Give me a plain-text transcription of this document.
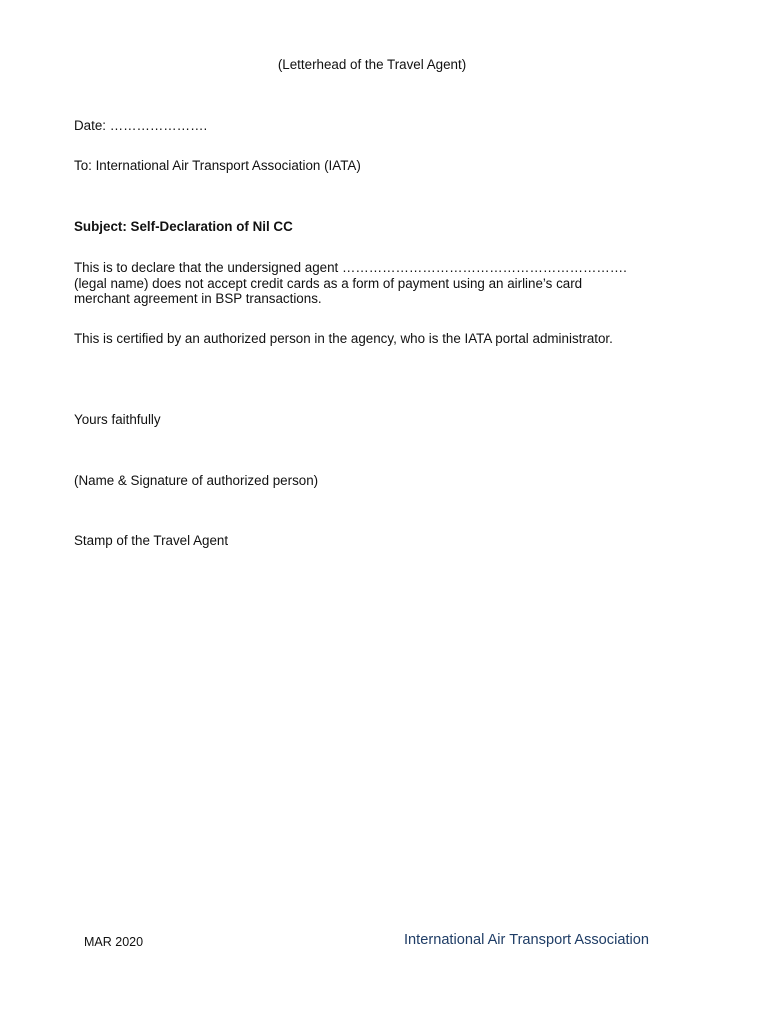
(Letterhead of the Travel Agent)

Date: ………………….

To: International Air Transport Association (IATA)

Subject: Self-Declaration of Nil CC

This is to declare that the undersigned agent ……………………………………………………….
(legal name) does not accept credit cards as a form of payment using an airline’s card
merchant agreement in BSP transactions.

This is certified by an authorized person in the agency, who is the IATA portal administrator.

Yours faithfully

(Name & Signature of authorized person)

Stamp of the Travel Agent

MAR 2020	International Air Transport Association
